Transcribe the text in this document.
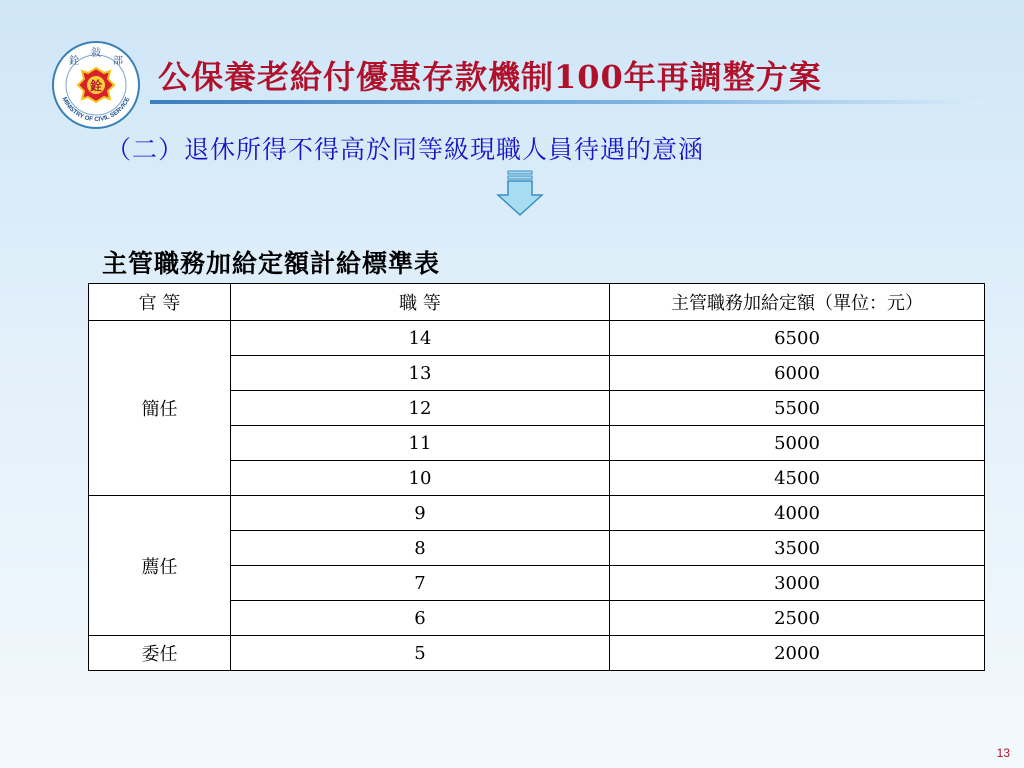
銓
敍
部
銓
MINISTRY OF CIVIL SERVICE
公保養老給付優惠存款機制100年再調整方案
（二）退休所得不得高於同等級現職人員待遇的意涵
主管職務加給定額計給標準表
官 等	職 等	主管職務加給定額（單位：元）
簡任	14	6500
	13	6000
	12	5500
	11	5000
	10	4500
薦任	9	4000
	8	3500
	7	3000
	6	2500
委任	5	2000
13
